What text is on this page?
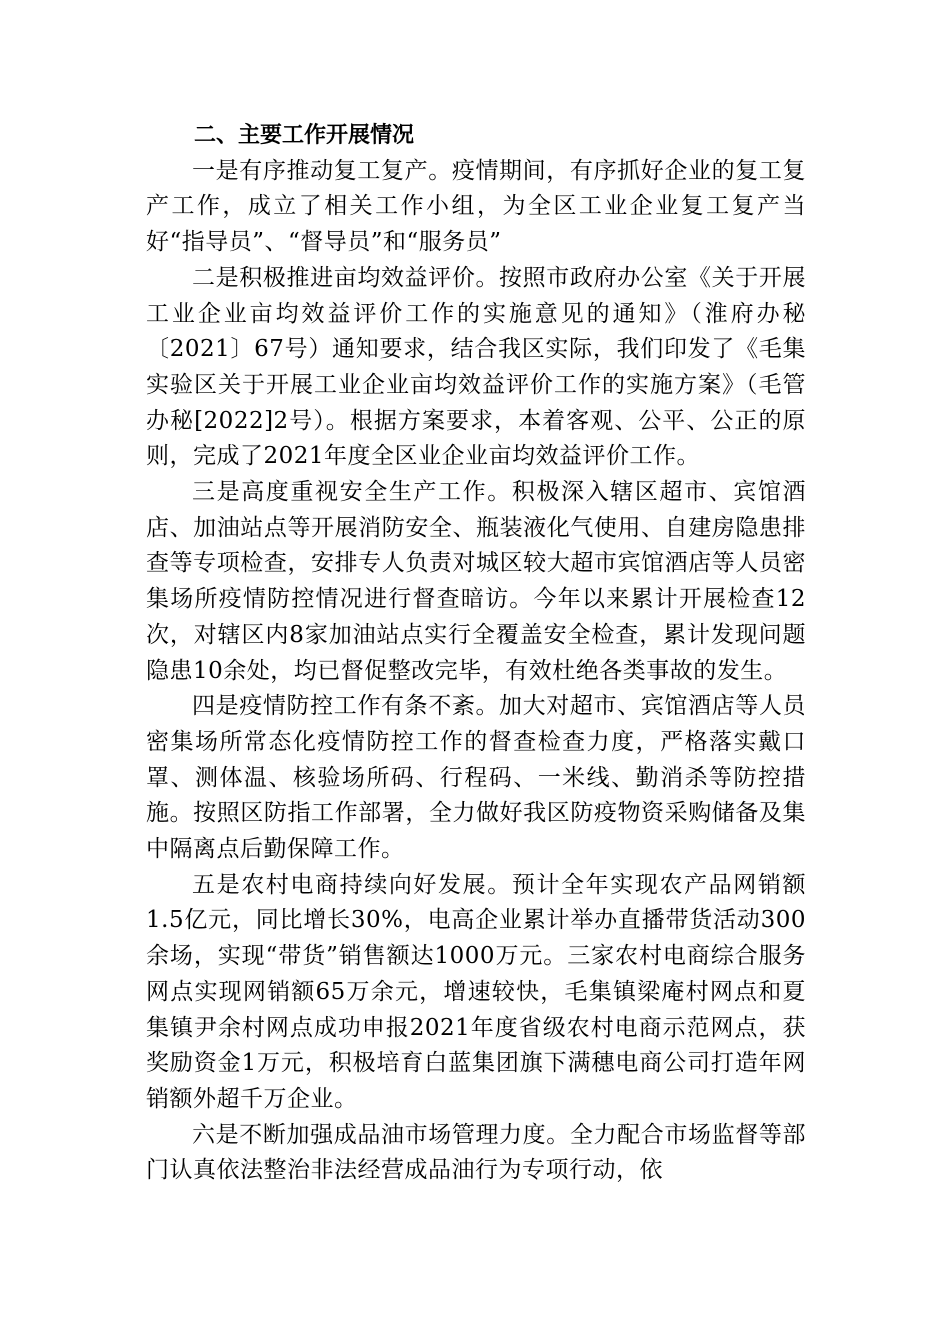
二、主要工作开展情况

一是有序推动复工复产。疫情期间，有序抓好企业的复工复产工作，成立了相关工作小组，为全区工业企业复工复产当好“指导员”、“督导员”和“服务员”

二是积极推进亩均效益评价。按照市政府办公室《关于开展工业企业亩均效益评价工作的实施意见的通知》（淮府办秘〔2021〕67号）通知要求，结合我区实际，我们印发了《毛集实验区关于开展工业企业亩均效益评价工作的实施方案》（毛管办秘[2022]2号）。根据方案要求，本着客观、公平、公正的原则，完成了2021年度全区业企业亩均效益评价工作。

三是高度重视安全生产工作。积极深入辖区超市、宾馆酒店、加油站点等开展消防安全、瓶装液化气使用、自建房隐患排查等专项检查，安排专人负责对城区较大超市宾馆酒店等人员密集场所疫情防控情况进行督查暗访。今年以来累计开展检查12次，对辖区内8家加油站点实行全覆盖安全检查，累计发现问题隐患10余处，均已督促整改完毕，有效杜绝各类事故的发生。

四是疫情防控工作有条不紊。加大对超市、宾馆酒店等人员密集场所常态化疫情防控工作的督查检查力度，严格落实戴口罩、测体温、核验场所码、行程码、一米线、勤消杀等防控措施。按照区防指工作部署，全力做好我区防疫物资采购储备及集中隔离点后勤保障工作。

五是农村电商持续向好发展。预计全年实现农产品网销额1.5亿元，同比增长30%，电高企业累计举办直播带货活动300余场，实现“带货”销售额达1000万元。三家农村电商综合服务网点实现网销额65万余元，增速较快，毛集镇梁庵村网点和夏集镇尹余村网点成功申报2021年度省级农村电商示范网点，获奖励资金1万元，积极培育白蓝集团旗下满穗电商公司打造年网销额外超千万企业。

六是不断加强成品油市场管理力度。全力配合市场监督等部门认真依法整治非法经营成品油行为专项行动，依
